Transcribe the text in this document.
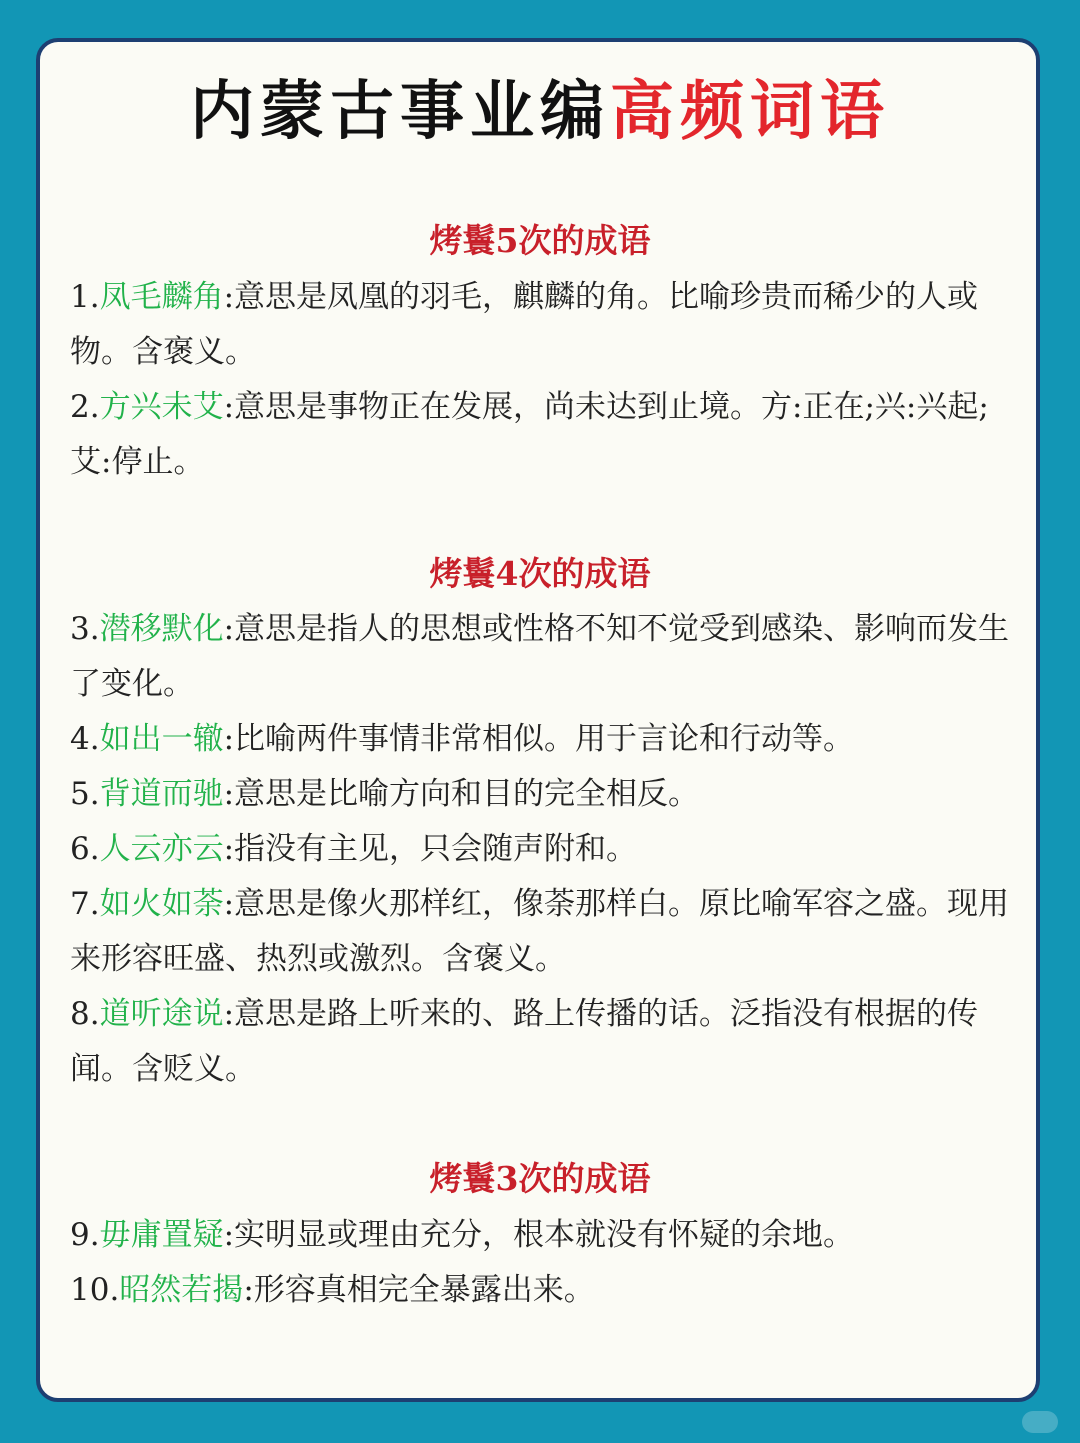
内蒙古事业编高频词语
烤鬟5次的成语
1.凤毛麟角:意思是凤凰的羽毛，麒麟的角。比喻珍贵而稀少的人或物。含褒义。
2.方兴未艾:意思是事物正在发展，尚未达到止境。方:正在;兴:兴起;艾:停止。
烤鬟4次的成语
3.潜移默化:意思是指人的思想或性格不知不觉受到感染、影响而发生了变化。
4.如出一辙:比喻两件事情非常相似。用于言论和行动等。
5.背道而驰:意思是比喻方向和目的完全相反。
6.人云亦云:指没有主见，只会随声附和。
7.如火如荼:意思是像火那样红，像荼那样白。原比喻军容之盛。现用来形容旺盛、热烈或激烈。含褒义。
8.道听途说:意思是路上听来的、路上传播的话。泛指没有根据的传闻。含贬义。
烤鬟3次的成语
9.毋庸置疑:实明显或理由充分，根本就没有怀疑的余地。
10.昭然若揭:形容真相完全暴露出来。
